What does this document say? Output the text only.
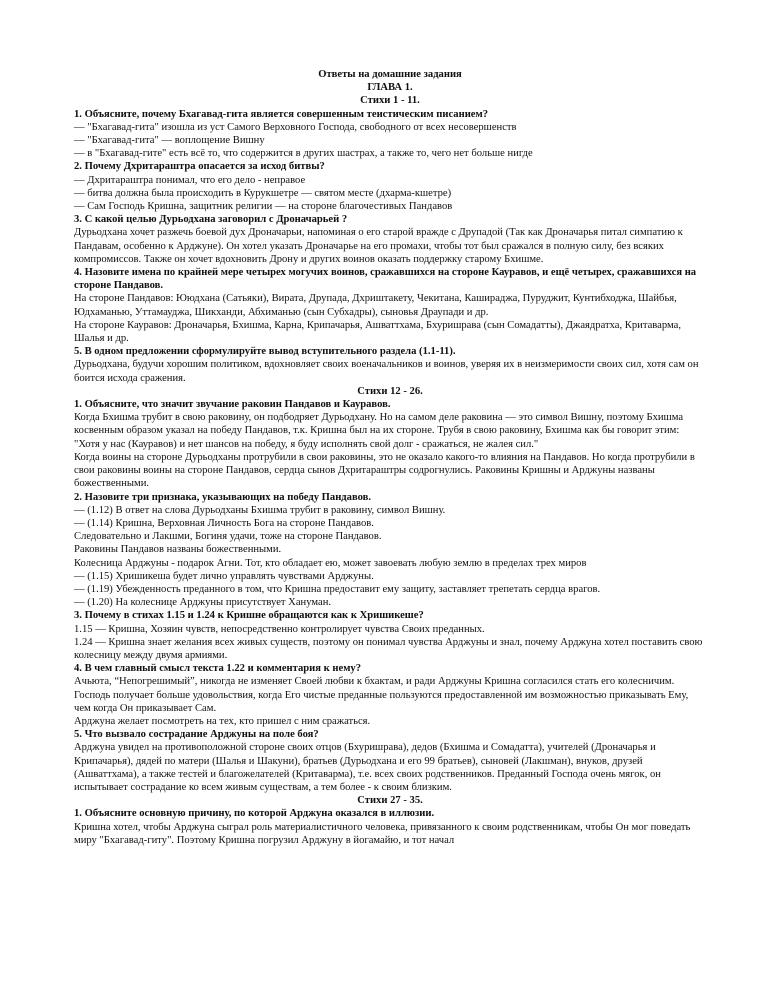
Ответы на домашние задания
ГЛАВА 1.
Стихи 1 - 11.
1. Объясните, почему Бхагавад-гита является совершенным теистическим писанием?
— "Бхагавад-гита" изошла из уст Самого Верховного Господа, свободного от всех несовершенств
— "Бхагавад-гита" — воплощение Вишну
— в "Бхагавад-гите" есть всё то, что содержится в других шастрах, а также то, чего нет больше нигде
2. Почему Дхритараштра опасается за исход битвы?
— Дхритараштра понимал, что его дело - неправое
— битва должна была происходить в Курукшетре — святом месте (дхарма-кшетре)
— Сам Господь Кришна, защитник религии — на стороне благочестивых Пандавов
3. С какой целью Дурьодхана заговорил с Дроначарьей ?
Дурьодхана хочет разжечь боевой дух Дроначарьи, напоминая о его старой вражде с Друпадой (Так как Дроначарья питал симпатию к Пандавам, особенно к Арджуне). Он хотел указать Дроначарье на его промахи, чтобы тот был сражался в полную силу, без всяких компромиссов. Также он хочет вдохновить Дрону и других воинов оказать поддержку старому Бхишме.
4. Назовите имена по крайней мере четырех могучих воинов, сражавшихся на стороне Кауравов, и ещё четырех, сражавшихся на стороне Пандавов.
На стороне Пандавов: Ююдхана (Сатьяки), Вирата, Друпада, Дхриштакету, Чекитана, Кашираджа, Пуруджит, Кунтибходжа, Шайбья, Юдхаманью, Уттамауджа, Шикханди, Абхиманью (сын Субхадры), сыновья Драупади и др.
На стороне Кауравов: Дроначарья, Бхишма, Карна, Крипачарья, Ашваттхама, Бхуришрава (сын Сомадатты), Джаядратха, Критаварма, Шалья и др.
5. В одном предложении сформулируйте вывод вступительного раздела (1.1-11).
Дурьодхана, будучи хорошим политиком, вдохновляет своих военачальников и воинов, уверяя их в неизмеримости своих сил, хотя сам он боится исхода сражения.
Стихи 12 - 26.
1. Объясните, что значит звучание раковин Пандавов и Кауравов.
Когда Бхишма трубит в свою раковину, он подбодряет Дурьодхану. Но на самом деле раковина — это символ Вишну, поэтому Бхишма косвенным образом указал на победу Пандавов, т.к. Кришна был на их стороне. Трубя в свою раковину, Бхишма как бы говорит этим: "Хотя у нас (Кауравов) и нет шансов на победу, я буду исполнять свой долг - сражаться, не жалея сил."
Когда воины на стороне Дурьодханы протрубили в свои раковины, это не оказало какого-то влияния на Пандавов. Но когда протрубили в свои раковины воины на стороне Пандавов, сердца сынов Дхритараштры содрогнулись. Раковины Кришны и Арджуны названы божественными.
2. Назовите три признака, указывающих на победу Пандавов.
— (1.12) В ответ на слова Дурьодханы Бхишма трубит в раковину, символ Вишну.
— (1.14) Кришна, Верховная Личность Бога на стороне Пандавов.
Следовательно и Лакшми, Богиня удачи, тоже на стороне Пандавов.
Раковины Пандавов названы божественными.
Колесница Арджуны - подарок Агни. Тот, кто обладает ею, может завоевать любую землю в пределах трех миров
— (1.15) Хришикеша будет лично управлять чувствами Арджуны.
— (1.19) Убежденность преданного в том, что Кришна предоставит ему защиту, заставляет трепетать сердца врагов.
— (1.20) На колеснице Арджуны присутствует Хануман.
3. Почему в стихах 1.15 и 1.24 к Кришне обращаются как к Хришикеше?
1.15 — Кришна, Хозяин чувств, непосредственно контролирует чувства Своих преданных.
1.24 — Кришна знает желания всех живых существ, поэтому он понимал чувства Арджуны и знал, почему Арджуна хотел поставить свою колесницу между двумя армиями.
4. В чем главный смысл текста 1.22 и комментария к нему?
Ачьюта, “Непогрешимый”, никогда не изменяет Своей любви к бхактам, и ради Арджуны Кришна согласился стать его колесничим. Господь получает больше удовольствия, когда Его чистые преданные пользуются предоставленной им возможностью приказывать Ему, чем когда Он приказывает Сам.
Арджуна желает посмотреть на тех, кто пришел с ним сражаться.
5. Что вызвало сострадание Арджуны на поле боя?
Арджуна увидел на противоположной стороне своих отцов (Бхуришрава), дедов (Бхишма и Сомадатта), учителей (Дроначарья и Крипачарья), дядей по матери (Шалья и Шакуни), братьев (Дурьодхана и его 99 братьев), сыновей (Лакшман), внуков, друзей (Ашваттхама), а также тестей и благожелателей (Критаварма), т.е. всех своих родственников. Преданный Господа очень мягок, он испытывает сострадание ко всем живым существам, а тем более - к своим близким.
Стихи 27 - 35.
1. Объясните основную причину, по которой Арджуна оказался в иллюзии.
Кришна хотел, чтобы Арджуна сыграл роль материалистичного человека, привязанного к своим родственникам, чтобы Он мог поведать миру "Бхагавад-гиту". Поэтому Кришна погрузил Арджуну в йогамайю, и тот начал
